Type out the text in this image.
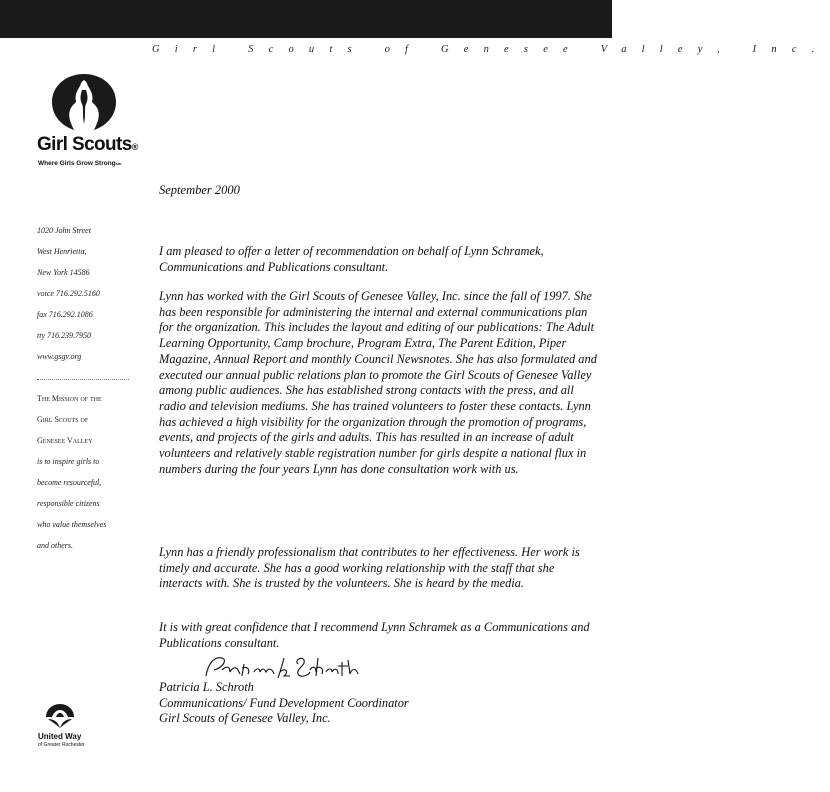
Girl Scouts of Genesee Valley, Inc.
Girl Scouts®
Where Girls Grow Strongsm
1020 John Street
West Henrietta,
New York 14586
voice 716.292.5160
fax 716.292.1086
tty 716.239.7950
www.gsgv.org
The Mission of the
Girl Scouts of
Genesee Valley
is to inspire girls to
become resourceful,
responsible citizens
who value themselves
and others.
United Way
of Greater Rochester
September 2000
I am pleased to offer a letter of recommendation on behalf of Lynn Schramek, Communications and Publications consultant.
Lynn has worked with the Girl Scouts of Genesee Valley, Inc. since the fall of 1997. She has been responsible for administering the internal and external communications plan for the organization. This includes the layout and editing of our publications: The Adult Learning Opportunity, Camp brochure, Program Extra, The Parent Edition, Piper Magazine, Annual Report and monthly Council Newsnotes. She has also formulated and executed our annual public relations plan to promote the Girl Scouts of Genesee Valley among public audiences. She has established strong contacts with the press, and all radio and television mediums. She has trained volunteers to foster these contacts. Lynn has achieved a high visibility for the organization through the promotion of programs, events, and projects of the girls and adults. This has resulted in an increase of adult volunteers and relatively stable registration number for girls despite a national flux in numbers during the four years Lynn has done consultation work with us.
Lynn has a friendly professionalism that contributes to her effectiveness. Her work is timely and accurate. She has a good working relationship with the staff that she interacts with. She is trusted by the volunteers. She is heard by the media.
It is with great confidence that I recommend Lynn Schramek as a Communications and Publications consultant.
Patricia L. Schroth
Communications/ Fund Development Coordinator
Girl Scouts of Genesee Valley, Inc.
